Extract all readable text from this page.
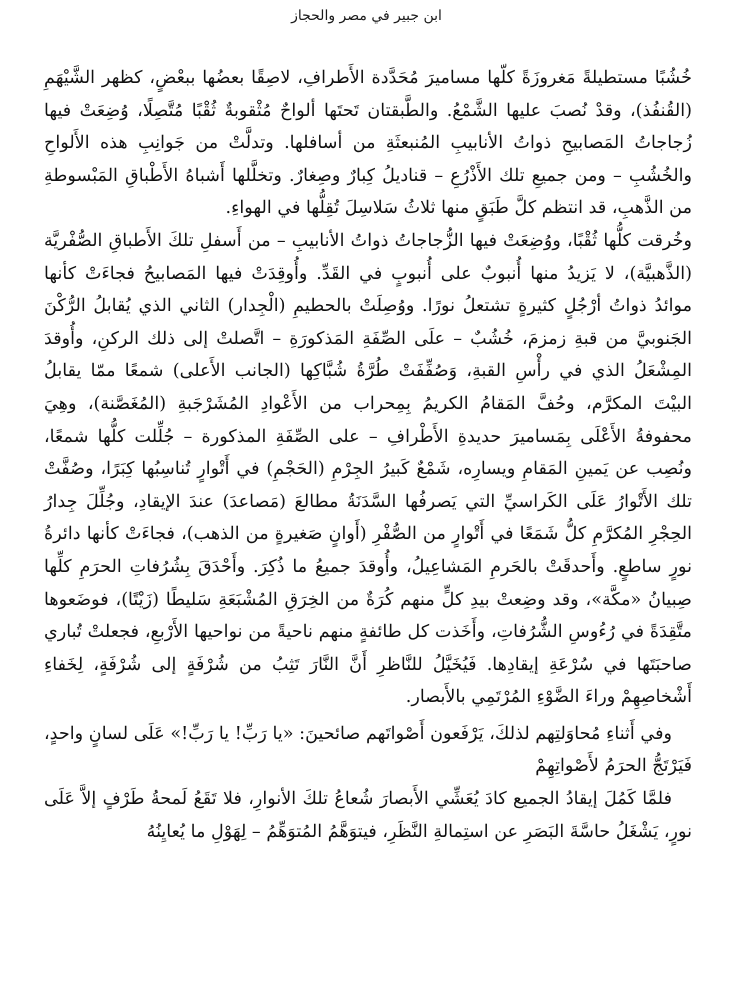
ابن جبير في مصر والحجاز

خُشُبًا مستطيلةً مَغروزَةً كلّها مساميرَ مُحَدَّدة الأَطرافِ، لاصِقًا بعضُها ببعْضٍ، كظهر الشَّيْهَمِ (القُنفُذ)، وقدْ نُصبَ عليها الشَّمْعُ. والطَّبقتان تَحتَها ألواحٌ مُثْقوبةٌ ثُقْبًا مُتَّصِلًا، وُضِعَتْ فيها زُجاجاتُ المَصابيحِ ذواتُ الأنابيبِ المُنبعثَةِ من أسافلها. وتدلَّتْ من جَوانِبِ هذه الأَلواحِ والخُشُبِ – ومن جميعِ تلك الأَذْرُعِ – قناديلُ كِبارٌ وصِغارٌ. وتخلَّلها أَشباهُ الأَطْباقِ المَبْسوطةِ من الذَّهبِ، قد انتظم كلَّ طَبَقٍ منها ثلاثُ سَلاسِلَ تُقِلُّها في الهواءِ.

وخُرقت كلُّها ثُقْبًا، ووُضِعَتْ فيها الزُّجاجاتُ ذواتُ الأنابيبِ – من أَسفلِ تلكَ الأَطباقِ الصُّفْريَّة (الذَّهبيَّة)، لا يَزيدُ منها أُنبوبٌ على أُنبوبٍ في القَدِّ. وأُوقِدَتْ فيها المَصابيحُ فجاءَتْ كأنها موائدُ ذواتُ أرْجُلٍ كثيرةٍ تشتعلُ نورًا. ووُصِلَتْ بالحطيمِ (الْجِدار) الثاني الذي يُقابلُ الرُّكْنَ الجَنوبيَّ من قبةِ زمزمَ، خُشُبٌ – علَى الصِّفَةِ المَذكورَةِ – اتَّصلتْ إلى ذلك الركنِ، وأُوقدَ المِشْعَلُ الذي في رأْسِ القبةِ، وَصُفِّفَتْ طُرَّةُ شُبَّاكِها (الجانب الأَعلى) شمعًا ممّا يقابلُ البيْتَ المكرَّم، وحُفَّ المَقامُ الكريمُ بِمِحراب من الأَعْوادِ المُشَرْجَبةِ (المُغَصَّنة)، وهِيَ محفوفةُ الأَعْلَى بِمَساميرَ حديدةِ الأَطْرافِ – على الصِّفَةِ المذكورة – جُلِّلت كلُّها شمعًا، ونُصِب عن يَمينِ المَقامِ ويسارِه، شَمْعٌ كَبيرُ الجِرْمِ (الحَجْمِ) في أَتْوارٍ تُناسِبُها كِبَرًا، وصُفَّتْ تلك الأَتْوارُ عَلَى الكَراسيِّ التي يَصرفُها السَّدَنَةُ مطالعَ (مَصاعدَ) عندَ الإيقادِ، وجُلِّلَ جِدارُ الحِجْرِ المُكرَّمِ كلُّ شَمَعًا في أَتْوارٍ من الصُّفْرِ (أَوانٍ صَغيرةٍ من الذهب)، فجاءَتْ كأنها دائرةُ نورٍ ساطعٍ. وأَحدقَتْ بالحَرمِ المَشاعِيلُ، وأُوقدَ جميعُ ما ذُكِرَ. وأَحْدَقَ بِشُرُفاتِ الحرَمِ كلِّها صِبيانُ «مكَّة»، وقد وضِعتْ بيدِ كلٍّ منهم كُرَةٌ من الخِرَقِ المُشْبَعَةِ سَليطًا (زَيْتًا)، فوضَعوها متَّقِدَةً في رُءُوسِ الشُّرُفاتِ، وأَخَذت كل طائفةٍ منهم ناحيةً من نواحيها الأَرْبعِ، فجعلتْ تُباري صاحبَتَها في سُرْعَةِ إيقادِها. فَيُخَيَّلُ للنَّاظرِ أَنَّ النَّارَ تَثِبُ من شُرْفَةٍ إلى شُرْفَةٍ، لِخَفاءِ أَشْخاصِهِمْ وراءَ الضَّوْءِ المُرْتَمِي بالأَبصار.

وفي أَثناءِ مُحاوَلتِهم لذلكَ، يَرْفَعون أَصْواتَهم صائحينَ: «يا رَبِّ! يا رَبِّ!» عَلَى لسانٍ واحدٍ، فَيَرْتَجُّ الحرَمُ لأَصْواتِهِمْ

فلمَّا كَمُلَ إيقادُ الجميع كادَ يُعَشِّي الأَبصارَ شُعاعُ تلكَ الأنوارِ، فلا تَقَعُ لَمحةُ طَرْفٍ إلاَّ عَلَى نورٍ، يَشْغَلُ حاسَّةَ البَصَرِ عن استِمالةِ النَّظَرِ، فيتوَهَّمُ المُتوَهِّمُ – لِهَوْلِ ما يُعايِنُهُ
